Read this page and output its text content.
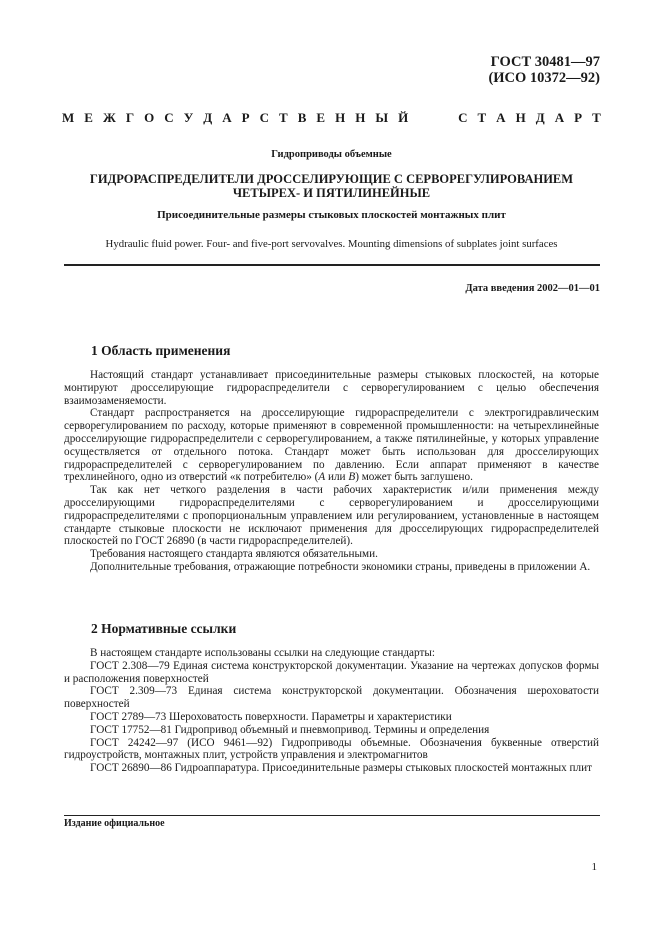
ГОСТ 30481—97
(ИСО 10372—92)
М Е Ж Г О С У Д А Р С Т В Е Н Н Ы Й

	С Т А Н Д А Р Т
Гидроприводы объемные
ГИДРОРАСПРЕДЕЛИТЕЛИ ДРОССЕЛИРУЮЩИЕ С СЕРВОРЕГУЛИРОВАНИЕМ
ЧЕТЫРЕХ- И ПЯТИЛИНЕЙНЫЕ
Присоединительные размеры стыковых плоскостей монтажных плит
Hydraulic fluid power. Four- and five-port servovalves. Mounting dimensions of subplates joint surfaces
Дата введения 2002—01—01
1 Область применения

Настоящий стандарт устанавливает присоединительные размеры стыковых плоскостей, на которые монтируют дросселирующие гидрораспределители с серворегулированием с целью обеспечения взаимозаменяемости.

Стандарт распространяется на дросселирующие гидрораспределители с электрогидравлическим серворегулированием по расходу, которые применяют в современной промышленности: на четырехлинейные дросселирующие гидрораспределители с серворегулированием, а также пятилинейные, у которых управление осуществляется от отдельного потока. Стандарт может быть использован для дросселирующих гидрораспределителей с серворегулированием по давлению. Если аппарат применяют в качестве трехлинейного, одно из отверстий «к потребителю» (A или B) может быть заглушено.

Так как нет четкого разделения в части рабочих характеристик и/или применения между дросселирующими гидрораспределителями с серворегулированием и дросселирующими гидрораспределителями с пропорциональным управлением или регулированием, установленные в настоящем стандарте стыковые плоскости не исключают применения для дросселирующих гидрораспределителей плоскостей по ГОСТ 26890 (в части гидрораспределителей).

Требования настоящего стандарта являются обязательными.

Дополнительные требования, отражающие потребности экономики страны, приведены в приложении А.

2 Нормативные ссылки

В настоящем стандарте использованы ссылки на следующие стандарты:

ГОСТ 2.308—79 Единая система конструкторской документации. Указание на чертежах допусков формы и расположения поверхностей

ГОСТ 2.309—73 Единая система конструкторской документации. Обозначения шероховатости поверхностей

ГОСТ 2789—73 Шероховатость поверхности. Параметры и характеристики

ГОСТ 17752—81 Гидропривод объемный и пневмопривод. Термины и определения

ГОСТ 24242—97 (ИСО 9461—92) Гидроприводы объемные. Обозначения буквенные отверстий гидроустройств, монтажных плит, устройств управления и электромагнитов

ГОСТ 26890—86 Гидроаппаратура. Присоединительные размеры стыковых плоскостей монтажных плит

Издание официальное
1
